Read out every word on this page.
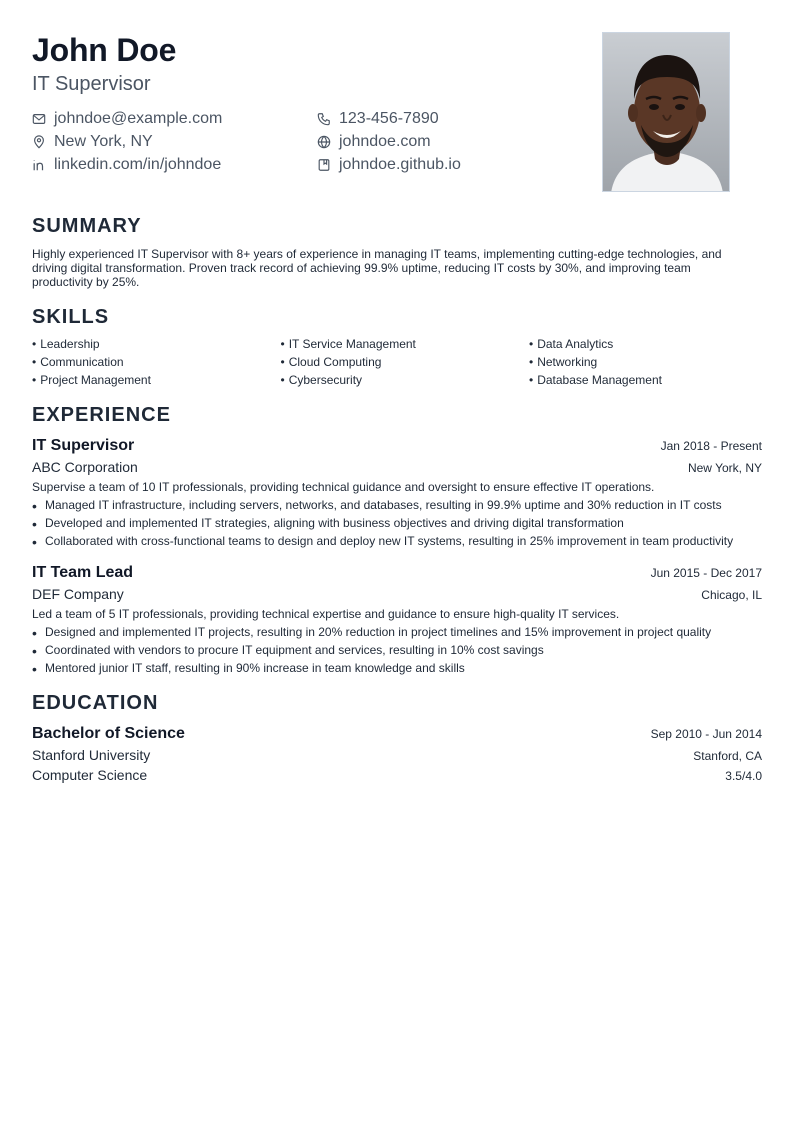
John Doe
IT Supervisor
johndoe@example.com	123-456-7890
New York, NY	johndoe.com
linkedin.com/in/johndoe	johndoe.github.io
SUMMARY

Highly experienced IT Supervisor with 8+ years of experience in managing IT teams, implementing cutting-edge technologies, and driving digital transformation. Proven track record of achieving 99.9% uptime, reducing IT costs by 30%, and improving team productivity by 25%.

SKILLS
• Leadership	• IT Service Management	• Data Analytics
• Communication	• Cloud Computing	• Networking
• Project Management	• Cybersecurity	• Database Management
EXPERIENCE
IT Supervisor	Jan 2018 - Present
ABC Corporation	New York, NY
Supervise a team of 10 IT professionals, providing technical guidance and oversight to ensure effective IT operations.
• Managed IT infrastructure, including servers, networks, and databases, resulting in 99.9% uptime and 30% reduction in IT costs
• Developed and implemented IT strategies, aligning with business objectives and driving digital transformation
• Collaborated with cross-functional teams to design and deploy new IT systems, resulting in 25% improvement in team productivity
IT Team Lead	Jun 2015 - Dec 2017
DEF Company	Chicago, IL
Led a team of 5 IT professionals, providing technical expertise and guidance to ensure high-quality IT services.
• Designed and implemented IT projects, resulting in 20% reduction in project timelines and 15% improvement in project quality
• Coordinated with vendors to procure IT equipment and services, resulting in 10% cost savings
• Mentored junior IT staff, resulting in 90% increase in team knowledge and skills
EDUCATION
Bachelor of Science	Sep 2010 - Jun 2014
Stanford University	Stanford, CA
Computer Science	3.5/4.0
